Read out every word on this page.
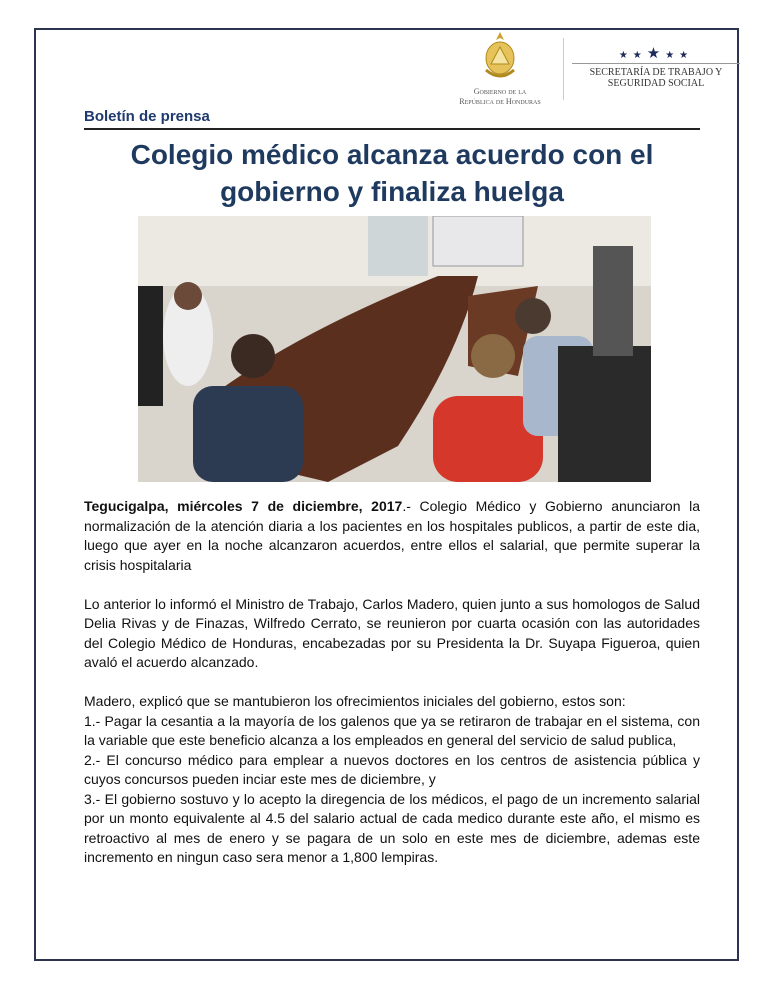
Gobierno de la
República de Honduras
★★★★★
SECRETARÍA DE TRABAJO Y
SEGURIDAD SOCIAL
Boletín de prensa
Colegio médico alcanza acuerdo con el gobierno y finaliza huelga

Tegucigalpa, miércoles 7 de diciembre, 2017.- Colegio Médico y Gobierno anunciaron la normalización de la atención diaria a los pacientes en los hospitales publicos, a partir de este dia, luego que ayer en la noche alcanzaron acuerdos, entre ellos el salarial, que permite superar la crisis hospitalaria

Lo anterior lo informó el Ministro de Trabajo, Carlos Madero, quien junto a sus homologos de Salud Delia Rivas y de Finazas, Wilfredo Cerrato, se reunieron por cuarta ocasión con las autoridades del Colegio Médico de Honduras, encabezadas por su Presidenta la Dr. Suyapa Figueroa, quien avaló el acuerdo alcanzado.

Madero, explicó que se mantubieron los ofrecimientos iniciales del gobierno, estos son:

1.- Pagar la cesantia a la mayoría de los galenos que ya se retiraron de trabajar en el sistema, con la variable que este beneficio alcanza a los empleados en general del servicio de salud publica,

2.- El concurso médico para emplear a nuevos doctores en los centros de asistencia pública y cuyos concursos pueden inciar este mes de diciembre, y

3.- El gobierno sostuvo y lo acepto la diregencia de los médicos, el pago de un incremento salarial por un monto equivalente al 4.5 del salario actual de cada medico durante este año, el mismo es retroactivo al mes de enero y se pagara de un solo en este mes de diciembre, ademas este incremento en ningun caso sera menor a 1,800 lempiras.
